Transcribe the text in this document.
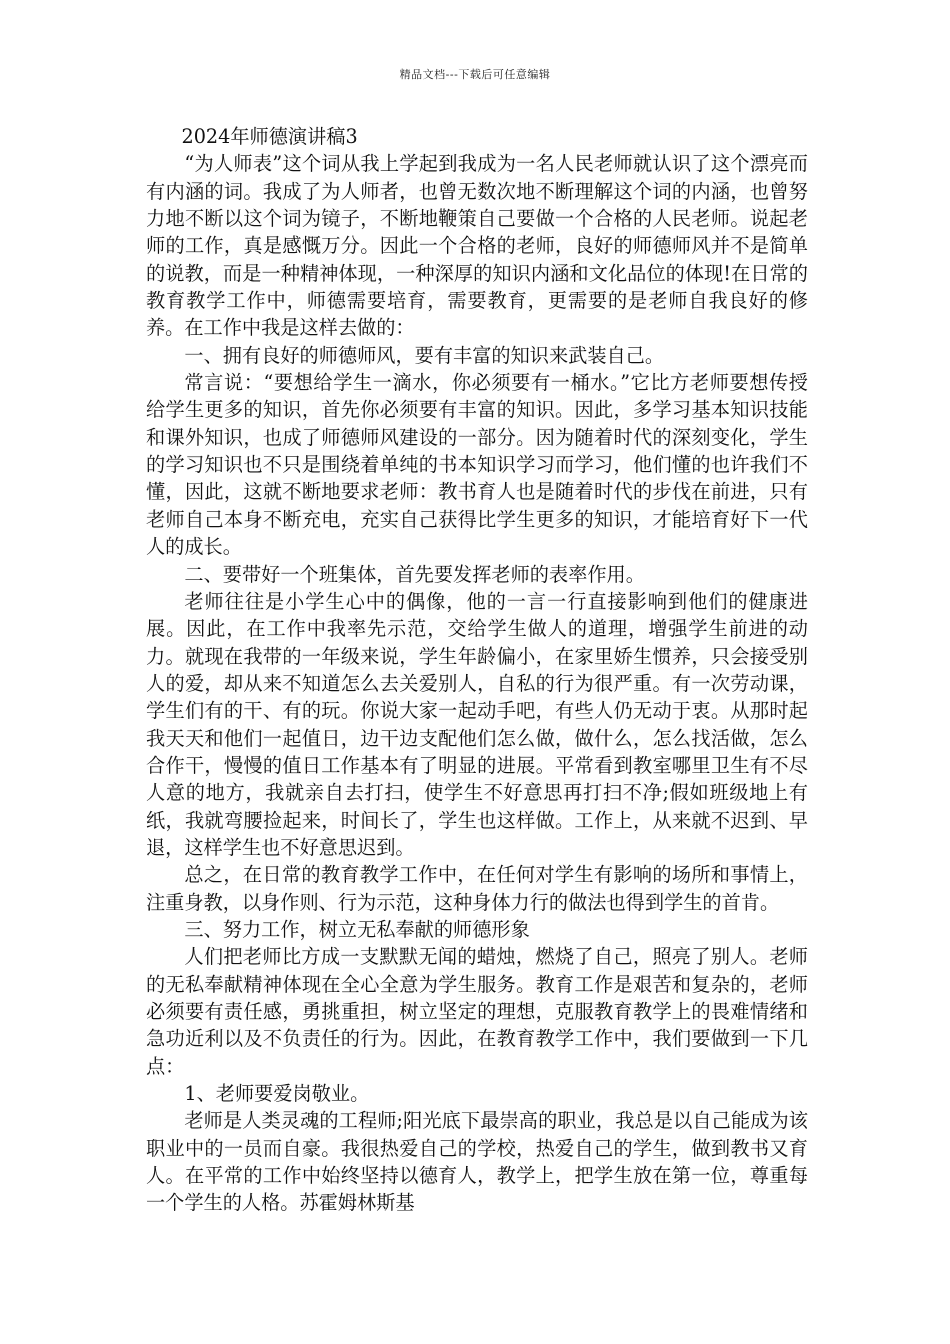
精品文档---下载后可任意编辑

2024年师德演讲稿3

“为人师表”这个词从我上学起到我成为一名人民老师就认识了这个漂亮而有内涵的词。我成了为人师者，也曾无数次地不断理解这个词的内涵，也曾努力地不断以这个词为镜子，不断地鞭策自己要做一个合格的人民老师。说起老师的工作，真是感慨万分。因此一个合格的老师，良好的师德师风并不是简单的说教，而是一种精神体现，一种深厚的知识内涵和文化品位的体现!在日常的教育教学工作中，师德需要培育，需要教育，更需要的是老师自我良好的修养。在工作中我是这样去做的：

一、拥有良好的师德师风，要有丰富的知识来武装自己。

常言说：“要想给学生一滴水，你必须要有一桶水。”它比方老师要想传授给学生更多的知识，首先你必须要有丰富的知识。因此，多学习基本知识技能和课外知识，也成了师德师风建设的一部分。因为随着时代的深刻变化，学生的学习知识也不只是围绕着单纯的书本知识学习而学习，他们懂的也许我们不懂，因此，这就不断地要求老师：教书育人也是随着时代的步伐在前进，只有老师自己本身不断充电，充实自己获得比学生更多的知识，才能培育好下一代人的成长。

二、要带好一个班集体，首先要发挥老师的表率作用。

老师往往是小学生心中的偶像，他的一言一行直接影响到他们的健康进展。因此，在工作中我率先示范，交给学生做人的道理，增强学生前进的动力。就现在我带的一年级来说，学生年龄偏小，在家里娇生惯养，只会接受别人的爱，却从来不知道怎么去关爱别人，自私的行为很严重。有一次劳动课，学生们有的干、有的玩。你说大家一起动手吧，有些人仍无动于衷。从那时起我天天和他们一起值日，边干边支配他们怎么做，做什么，怎么找活做，怎么合作干，慢慢的值日工作基本有了明显的进展。平常看到教室哪里卫生有不尽人意的地方，我就亲自去打扫，使学生不好意思再打扫不净;假如班级地上有纸，我就弯腰捡起来，时间长了，学生也这样做。工作上，从来就不迟到、早退，这样学生也不好意思迟到。

总之，在日常的教育教学工作中，在任何对学生有影响的场所和事情上，注重身教，以身作则、行为示范，这种身体力行的做法也得到学生的首肯。

三、努力工作，树立无私奉献的师德形象

人们把老师比方成一支默默无闻的蜡烛，燃烧了自己，照亮了别人。老师的无私奉献精神体现在全心全意为学生服务。教育工作是艰苦和复杂的，老师必须要有责任感，勇挑重担，树立坚定的理想，克服教育教学上的畏难情绪和急功近利以及不负责任的行为。因此，在教育教学工作中，我们要做到一下几点：

1、老师要爱岗敬业。

老师是人类灵魂的工程师;阳光底下最崇高的职业，我总是以自己能成为该职业中的一员而自豪。我很热爱自己的学校，热爱自己的学生，做到教书又育人。在平常的工作中始终坚持以德育人，教学上，把学生放在第一位，尊重每一个学生的人格。苏霍姆林斯基
